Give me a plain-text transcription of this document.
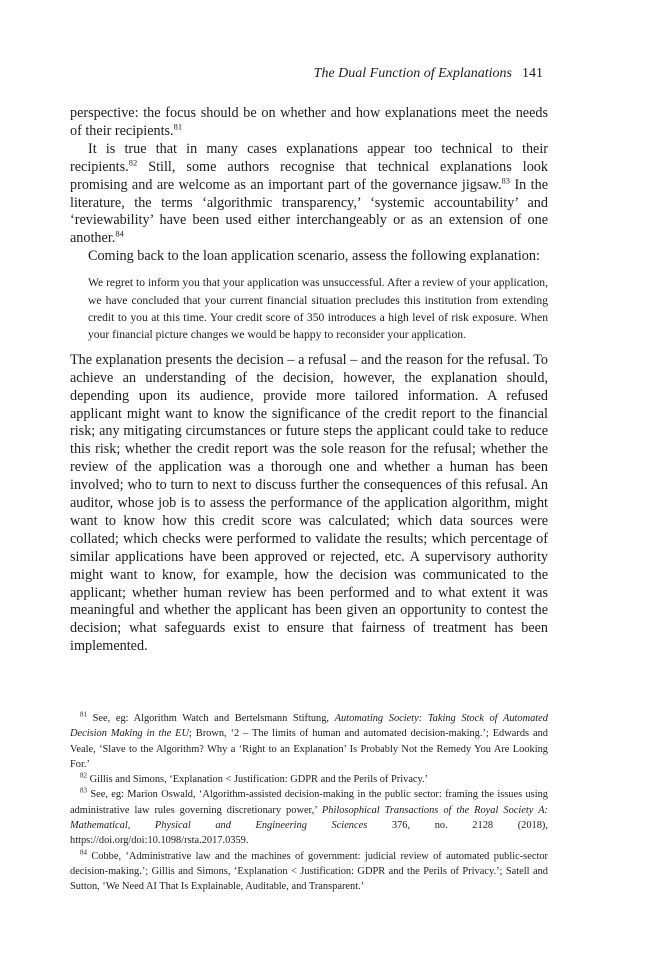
The Dual Function of Explanations 141

perspective: the focus should be on whether and how explanations meet the needs of their recipients.$^{81}$

It is true that in many cases explanations appear too technical to their recipients.$^{82}$ Still, some authors recognise that technical explanations look promising and are welcome as an important part of the governance jigsaw.$^{83}$ In the literature, the terms ‘algorithmic transparency,’ ‘systemic accountability’ and ‘reviewability’ have been used either interchangeably or as an extension of one another.$^{84}$

Coming back to the loan application scenario, assess the following explanation:

We regret to inform you that your application was unsuccessful. After a review of your application, we have concluded that your current financial situation precludes this institution from extending credit to you at this time. Your credit score of 350 introduces a high level of risk exposure. When your financial picture changes we would be happy to reconsider your application.

The explanation presents the decision – a refusal – and the reason for the refusal. To achieve an understanding of the decision, however, the explanation should, depending upon its audience, provide more tailored information. A refused applicant might want to know the significance of the credit report to the financial risk; any mitigating circumstances or future steps the applicant could take to reduce this risk; whether the credit report was the sole reason for the refusal; whether the review of the application was a thorough one and whether a human has been involved; who to turn to next to discuss further the consequences of this refusal. An auditor, whose job is to assess the performance of the application algorithm, might want to know how this credit score was calculated; which data sources were collated; which checks were performed to validate the results; which percentage of similar applications have been approved or rejected, etc. A supervisory authority might want to know, for example, how the decision was communicated to the applicant; whether human review has been performed and to what extent it was meaningful and whether the applicant has been given an opportunity to contest the decision; what safeguards exist to ensure that fairness of treatment has been implemented.

$^{81}$ See, eg: Algorithm Watch and Bertelsmann Stiftung, Automating Society: Taking Stock of Automated Decision Making in the EU; Brown, ‘2 – The limits of human and automated decision-making.’; Edwards and Veale, ‘Slave to the Algorithm? Why a ‘Right to an Explanation’ Is Probably Not the Remedy You Are Looking For.’

$^{82}$ Gillis and Simons, ‘Explanation < Justification: GDPR and the Perils of Privacy.’

$^{83}$ See, eg: Marion Oswald, ‘Algorithm-assisted decision-making in the public sector: framing the issues using administrative law rules governing discretionary power,’ Philosophical Transactions of the Royal Society A: Mathematical, Physical and Engineering Sciences 376, no. 2128 (2018), https://doi.org/doi:10.1098/rsta.2017.0359.

$^{84}$ Cobbe, ‘Administrative law and the machines of government: judicial review of automated public-sector decision-making.’; Gillis and Simons, ‘Explanation < Justification: GDPR and the Perils of Privacy.’; Satell and Sutton, ‘We Need AI That Is Explainable, Auditable, and Transparent.’
